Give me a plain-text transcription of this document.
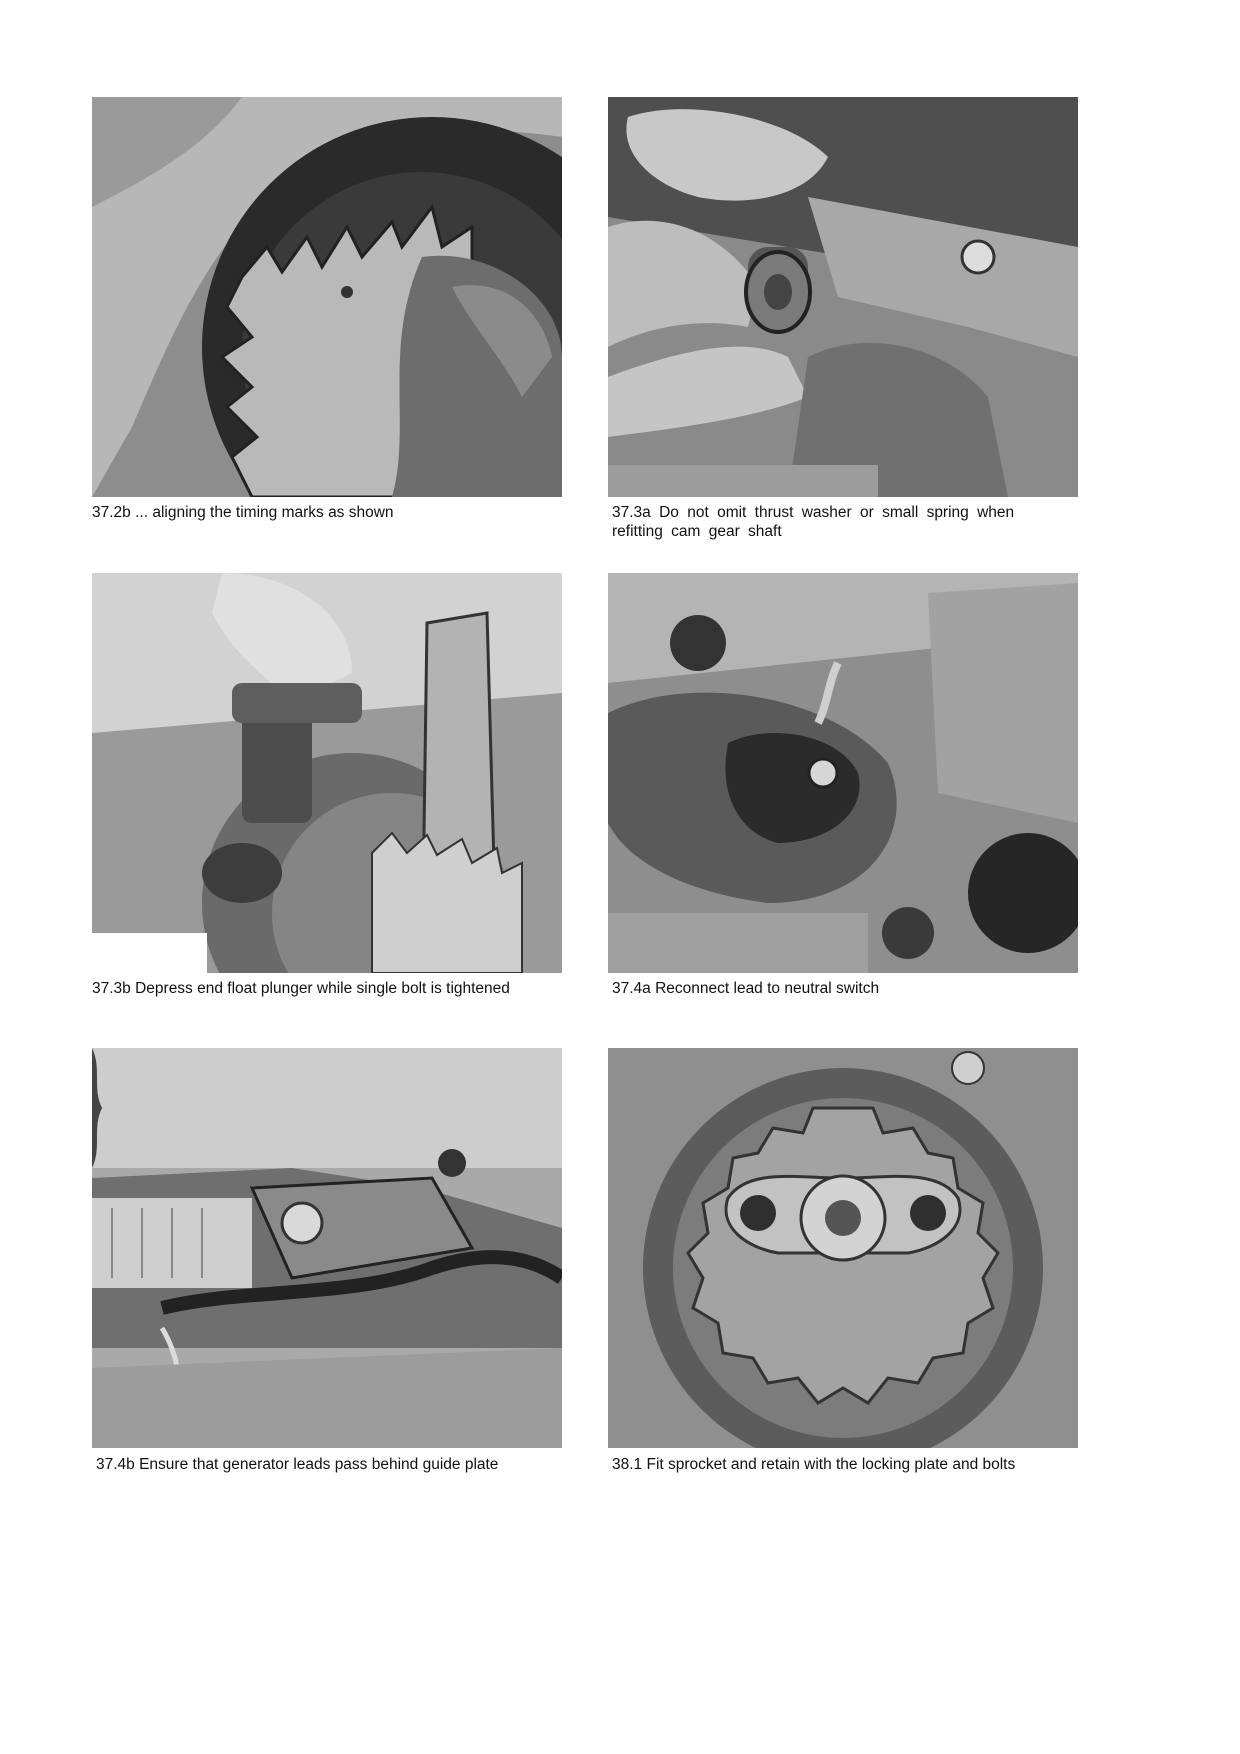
37.2b ... aligning the timing marks as shown	37.3a Do not omit thrust washer or small spring when refitting cam gear shaft
37.3b Depress end float plunger while single bolt is tightened	37.4a Reconnect lead to neutral switch
37.4b Ensure that generator leads pass behind guide plate	38.1 Fit sprocket and retain with the locking plate and bolts
